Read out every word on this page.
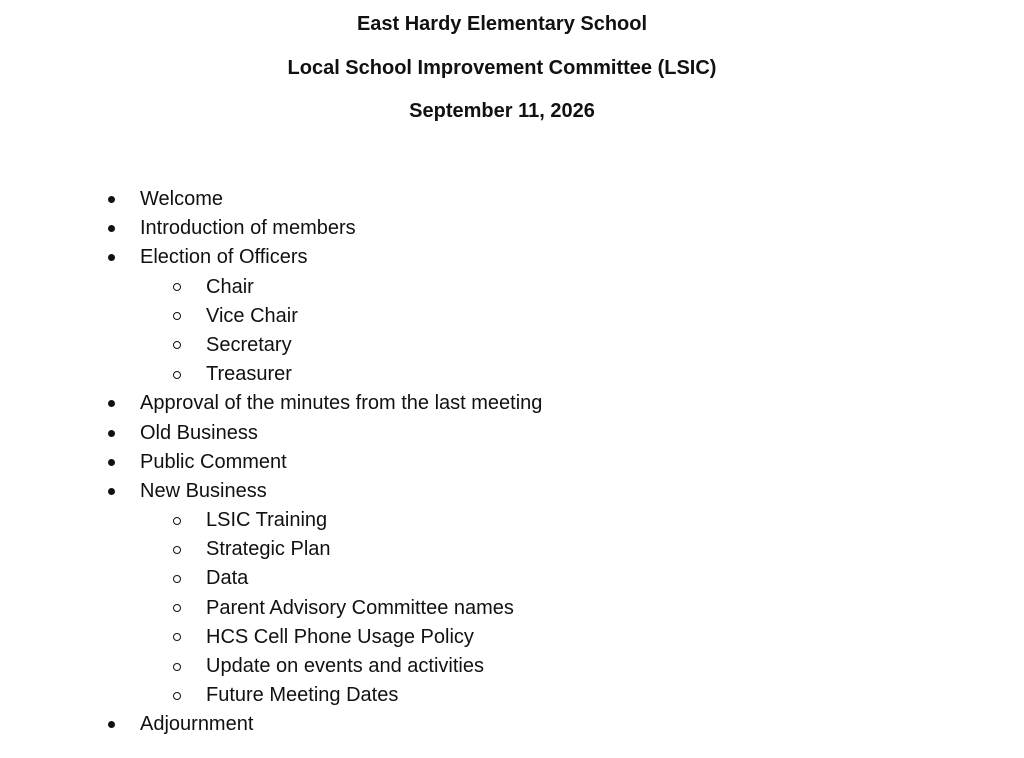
East Hardy Elementary School
Local School Improvement Committee (LSIC)
September 11, 2026
Welcome
Introduction of members
Election of Officers
Chair
Vice Chair
Secretary
Treasurer
Approval of the minutes from the last meeting
Old Business
Public Comment
New Business
LSIC Training
Strategic Plan
Data
Parent Advisory Committee names
HCS Cell Phone Usage Policy
Update on events and activities
Future Meeting Dates
Adjournment
